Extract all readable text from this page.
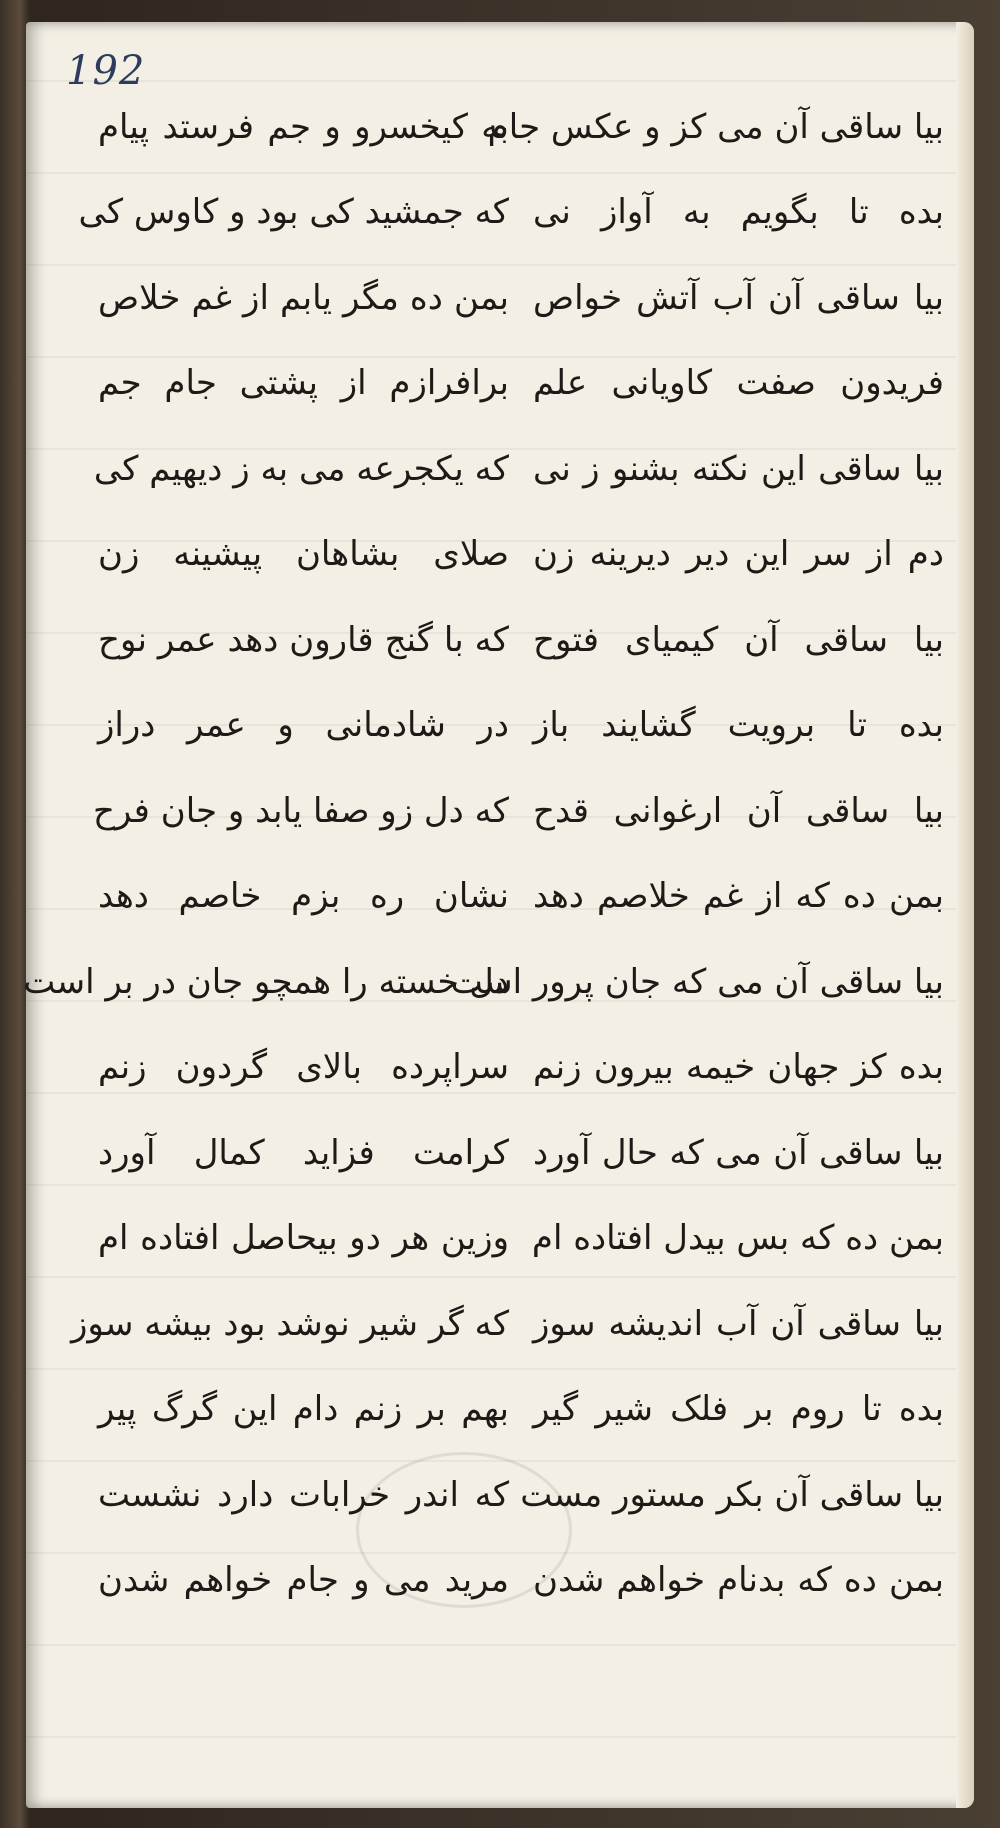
192
بیا ساقی آن می کز و عکس جام
به کیخسرو و جم فرستد پیام
بده تا بگویم به آواز نی
که جمشید کی بود و کاوس کی
بیا ساقی آن آب آتش خواص
بمن ده مگر یابم از غم خلاص
فریدون صفت کاویانی علم
برافرازم از پشتی جام جم
بیا ساقی این نکته بشنو ز نی
که یکجرعه می به ز دیهیم کی
دم از سر این دیر دیرینه زن
صلای بشاهان پیشینه زن
بیا ساقی آن کیمیای فتوح
که با گنج قارون دهد عمر نوح
بده تا برویت گشایند باز
در شادمانی و عمر دراز
بیا ساقی آن ارغوانی قدح
که دل زو صفا یابد و جان فرح
بمن ده که از غم خلاصم دهد
نشان ره بزم خاصم دهد
بیا ساقی آن می که جان پرور است
دل خسته را همچو جان در بر است
بده کز جهان خیمه بیرون زنم
سراپرده بالای گردون زنم
بیا ساقی آن می که حال آورد
کرامت فزاید کمال آورد
بمن ده که بس بیدل افتاده ام
وزین هر دو بیحاصل افتاده ام
بیا ساقی آن آب اندیشه سوز
که گر شیر نوشد بود بیشه سوز
بده تا روم بر فلک شیر گیر
بهم بر زنم دام این گرگ پیر
بیا ساقی آن بکر مستور مست
که اندر خرابات دارد نشست
بمن ده که بدنام خواهم شدن
مرید می و جام خواهم شدن
